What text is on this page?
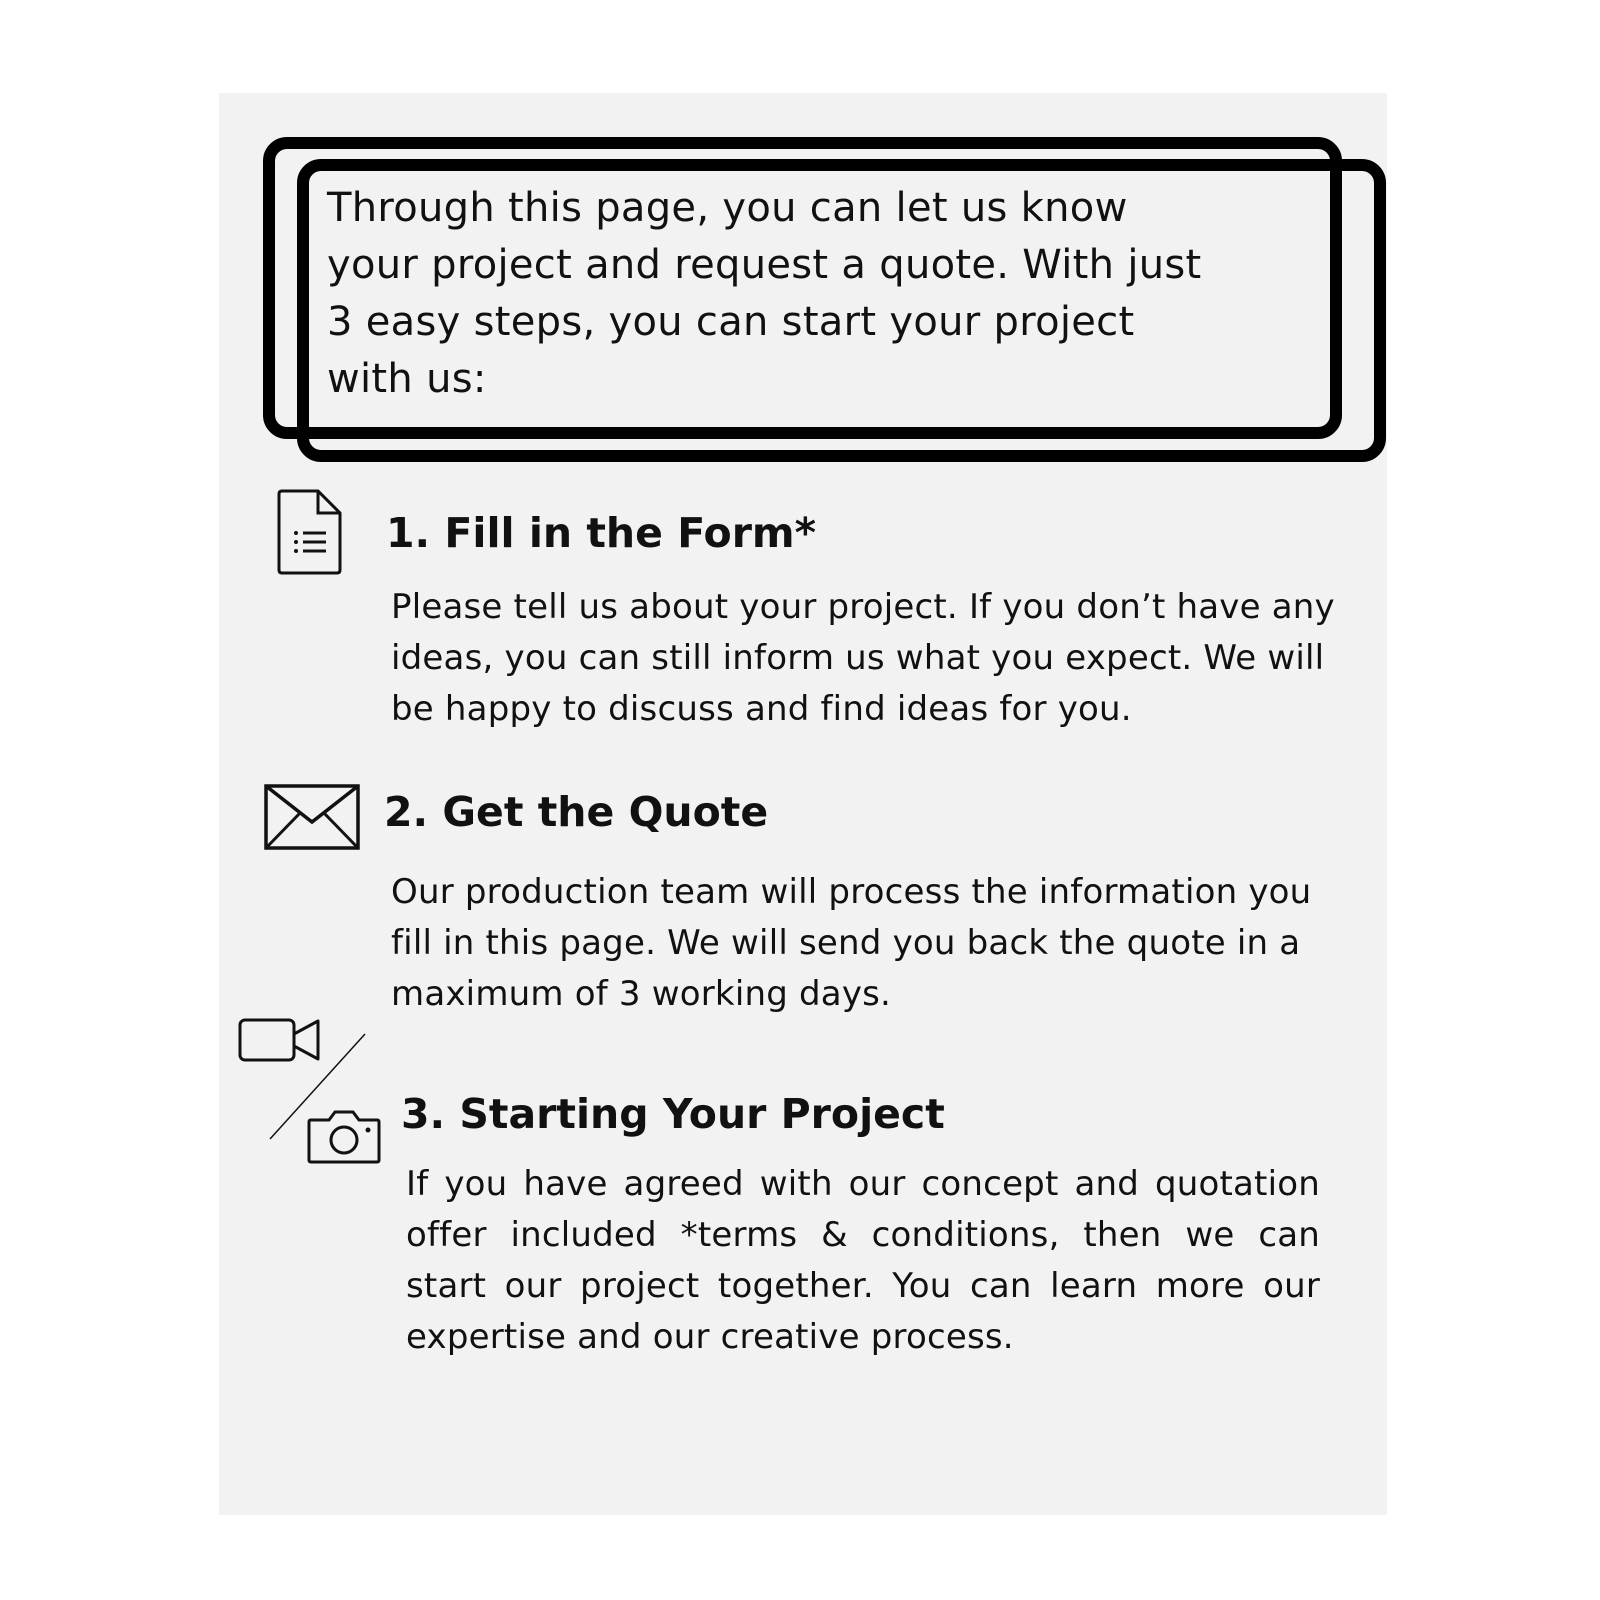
Through this page, you can let us know your project and request a quote. With just 3 easy steps, you can start your project with us:

1. Fill in the Form*

Please tell us about your project. If you don’t have any ideas, you can still inform us what you expect. We will be happy to discuss and find ideas for you.

2. Get the Quote

Our production team will process the information you fill in this page. We will send you back the quote in a maximum of 3 working days.

3. Starting Your Project

If you have agreed with our concept and quotation offer included *terms & conditions, then we can start our project together. You can learn more our expertise and our creative process.
